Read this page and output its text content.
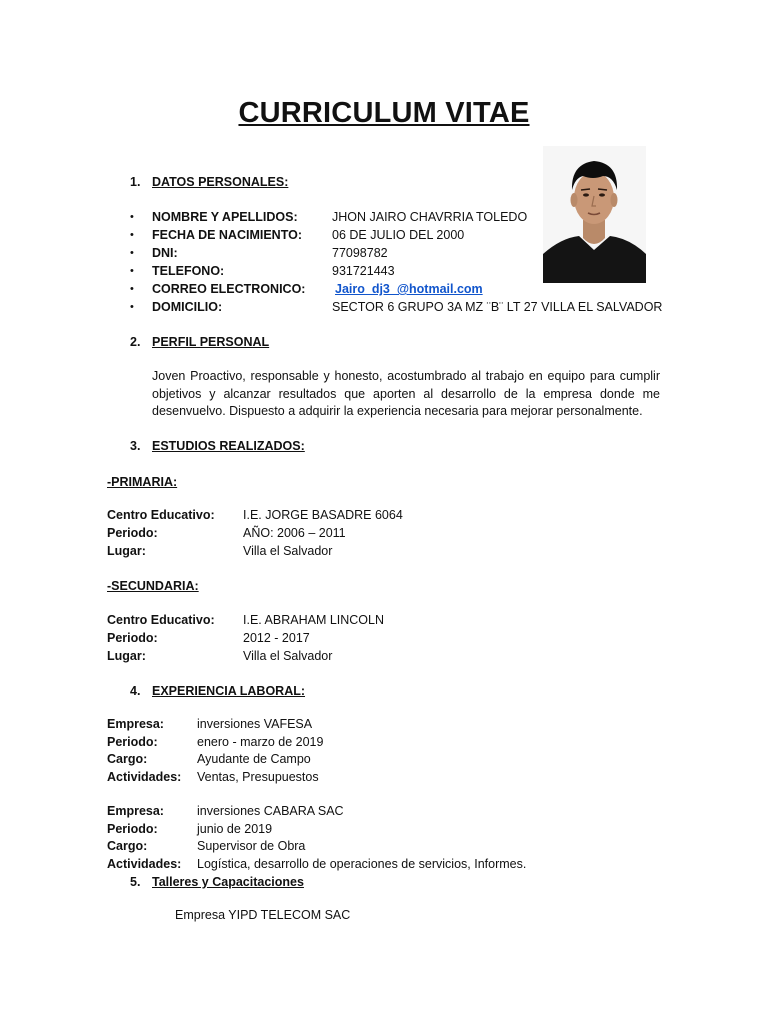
CURRICULUM VITAE
1. DATOS PERSONALES:
• NOMBRE Y APELLIDOS:	JHON JAIRO CHAVRRIA TOLEDO
• FECHA DE NACIMIENTO: 06 DE JULIO DEL 2000
• DNI:	77098782
• TELEFONO:	931721443
• CORREO ELECTRONICO: Jairo_dj3_@hotmail.com
• DOMICILIO:	SECTOR 6 GRUPO 3A MZ ¨B¨ LT 27 VILLA EL SALVADOR
2. PERFIL PERSONAL
Joven Proactivo, responsable y honesto, acostumbrado al trabajo en equipo para cumplir objetivos y alcanzar resultados que aporten al desarrollo de la empresa donde me desenvuelvo. Dispuesto a adquirir la experiencia necesaria para mejorar personalmente.
3. ESTUDIOS REALIZADOS:
-PRIMARIA:
Centro Educativo: I.E. JORGE BASADRE 6064
Periodo:	AÑO: 2006 – 2011
Lugar:	Villa el Salvador
-SECUNDARIA:
Centro Educativo: I.E. ABRAHAM LINCOLN
Periodo:	2012 - 2017
Lugar:	Villa el Salvador
4. EXPERIENCIA LABORAL:
Empresa:	inversiones VAFESA
Periodo:	enero - marzo de 2019
Cargo:	Ayudante de Campo
Actividades: Ventas, Presupuestos
Empresa:	inversiones CABARA SAC
Periodo:	junio de 2019
Cargo:	Supervisor de Obra
Actividades: Logística, desarrollo de operaciones de servicios, Informes.
5. Talleres y Capacitaciones
Empresa YIPD TELECOM SAC
